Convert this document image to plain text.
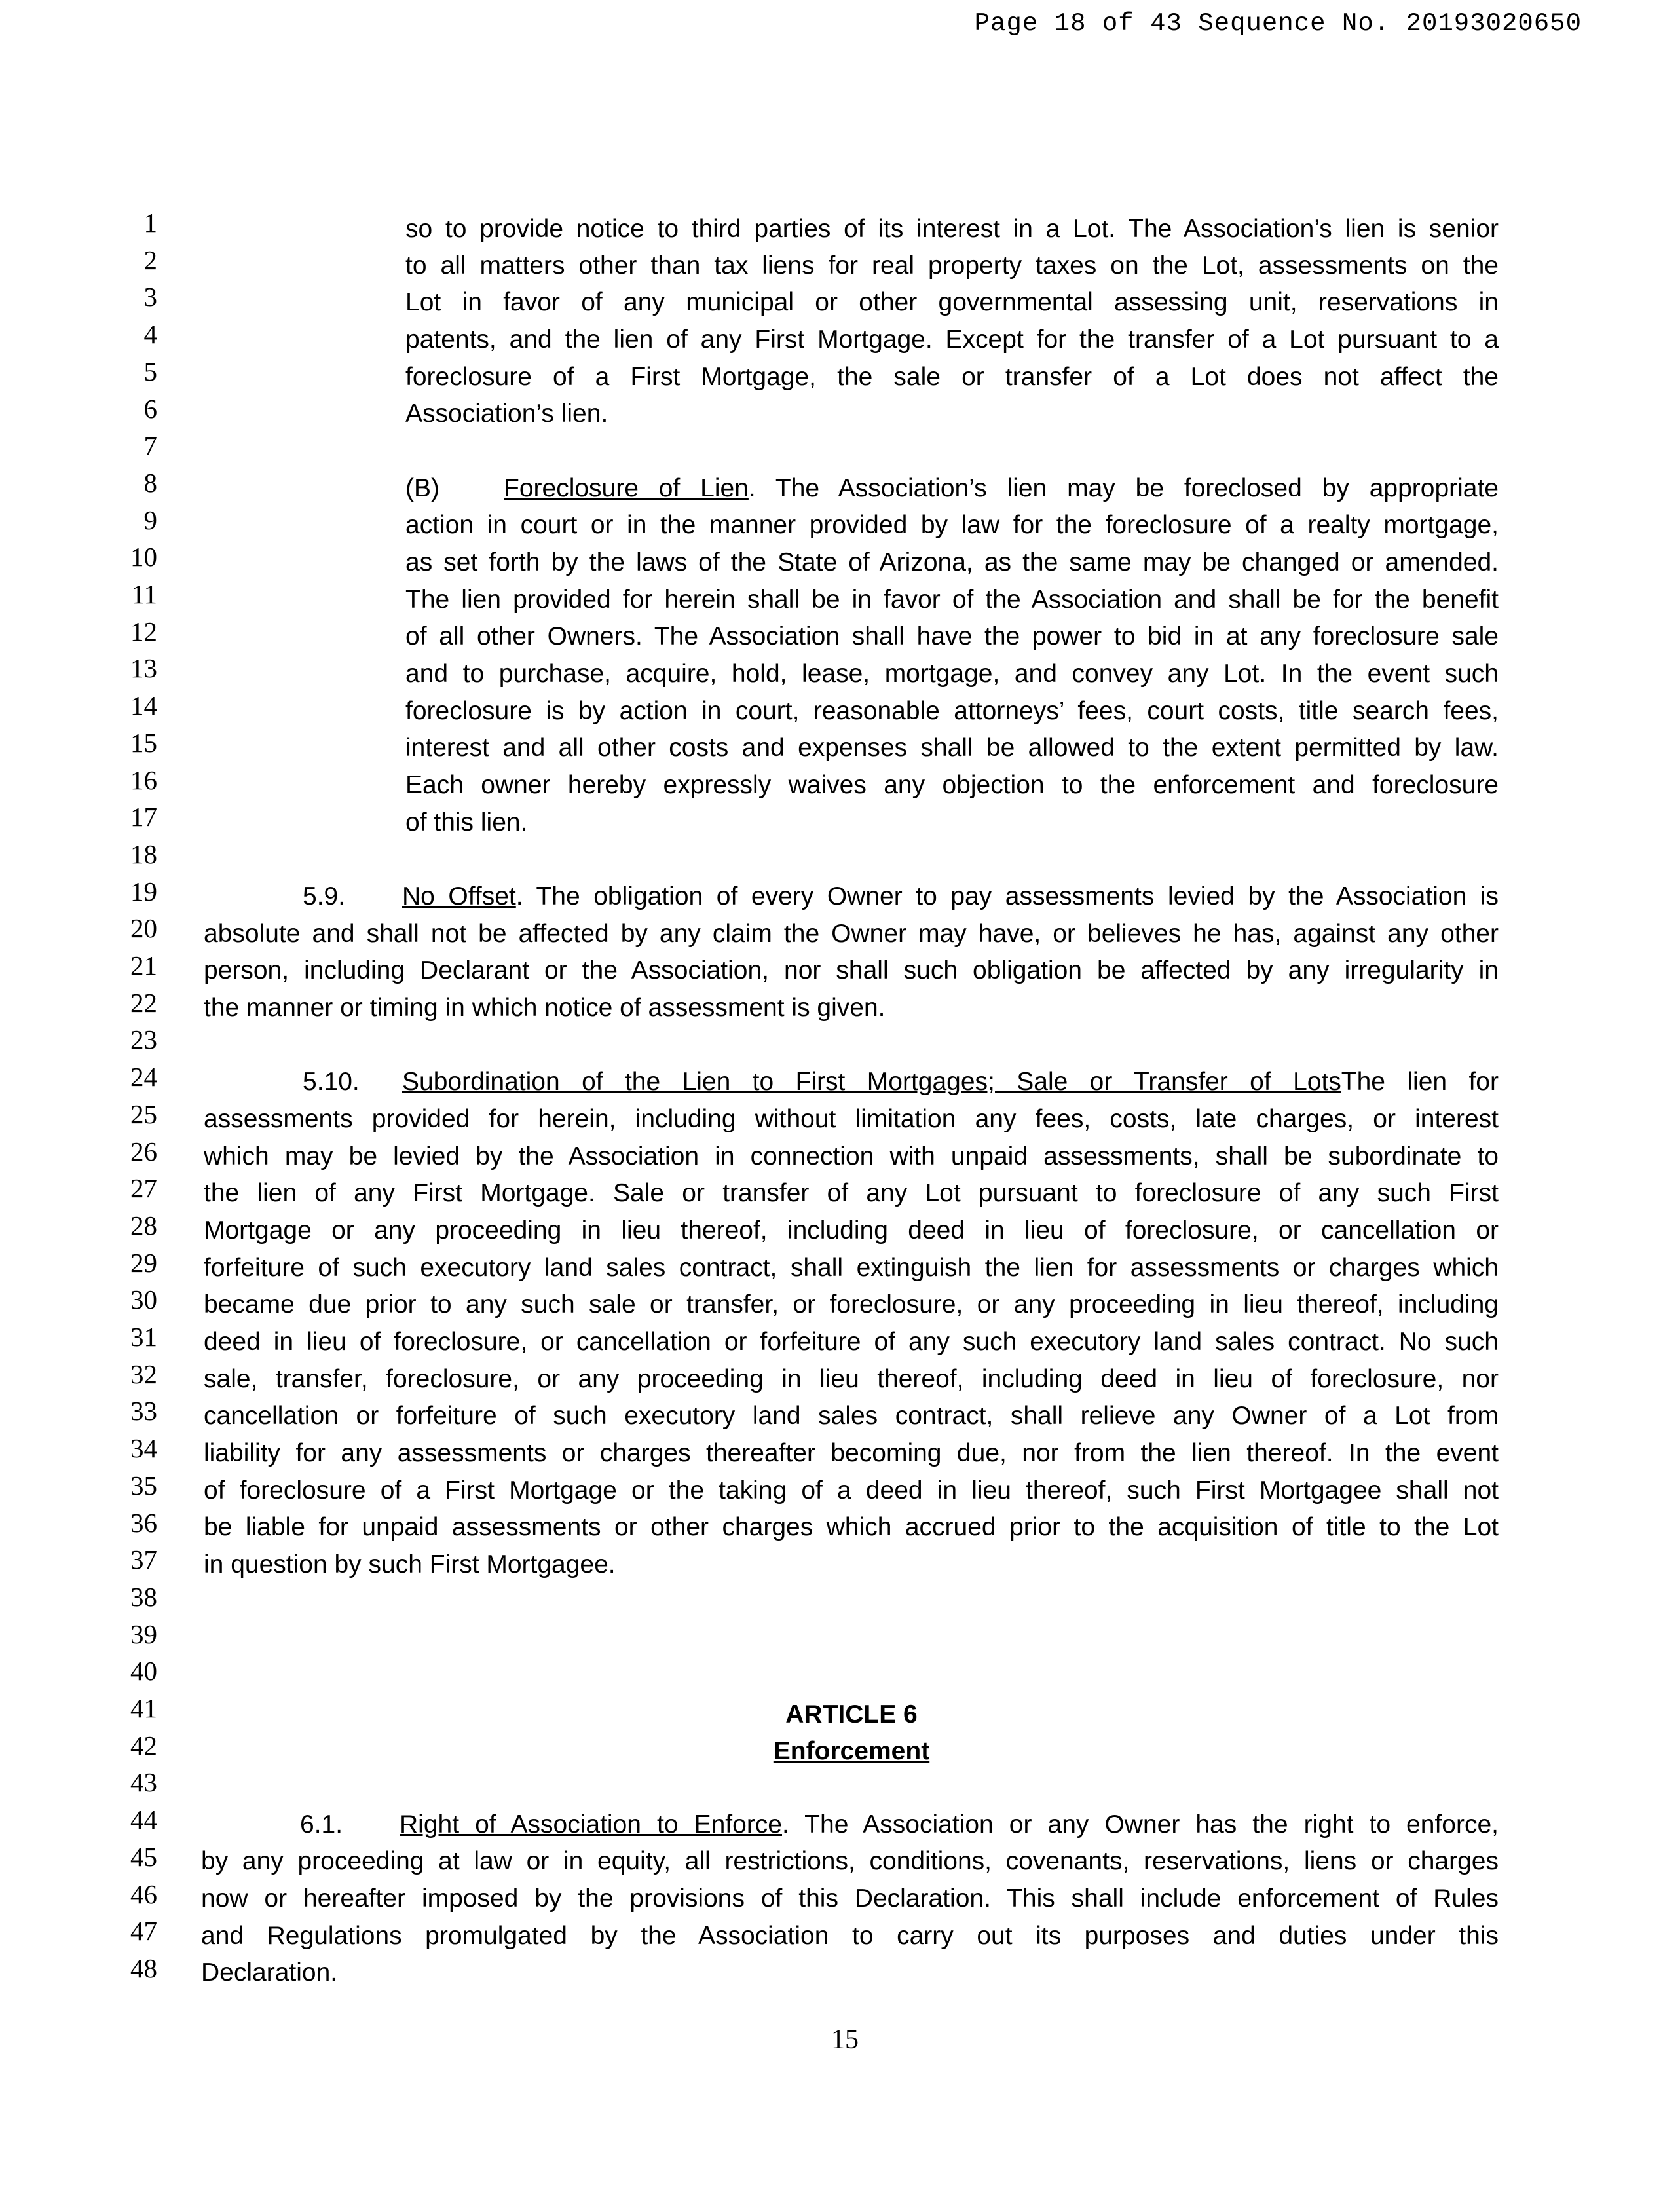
Page 18 of 43 Sequence No. 20193020650
1
2
3
4
5
6
7
8
9
10
11
12
13
14
15
16
17
18
19
20
21
22
23
24
25
26
27
28
29
30
31
32
33
34
35
36
37
38
39
40
41
42
43
44
45
46
47
48
so to provide notice to third parties of its interest in a Lot. The Association’s lien is senior
to all matters other than tax liens for real property taxes on the Lot, assessments on the
Lot in favor of any municipal or other governmental assessing unit, reservations in
patents, and the lien of any First Mortgage. Except for the transfer of a Lot pursuant to a
foreclosure of a First Mortgage, the sale or transfer of a Lot does not affect the
Association’s lien.
(B)	Foreclosure of Lien. The Association’s lien may be foreclosed by appropriate
action in court or in the manner provided by law for the foreclosure of a realty mortgage,
as set forth by the laws of the State of Arizona, as the same may be changed or amended.
The lien provided for herein shall be in favor of the Association and shall be for the benefit
of all other Owners. The Association shall have the power to bid in at any foreclosure sale
and to purchase, acquire, hold, lease, mortgage, and convey any Lot. In the event such
foreclosure is by action in court, reasonable attorneys’ fees, court costs, title search fees,
interest and all other costs and expenses shall be allowed to the extent permitted by law.
Each owner hereby expressly waives any objection to the enforcement and foreclosure
of this lien.
5.9. No Offset. The obligation of every Owner to pay assessments levied by the Association is
absolute and shall not be affected by any claim the Owner may have, or believes he has, against any other
person, including Declarant or the Association, nor shall such obligation be affected by any irregularity in
the manner or timing in which notice of assessment is given.
5.10. Subordination of the Lien to First Mortgages; Sale or Transfer of LotsThe lien for
assessments provided for herein, including without limitation any fees, costs, late charges, or interest
which may be levied by the Association in connection with unpaid assessments, shall be subordinate to
the lien of any First Mortgage. Sale or transfer of any Lot pursuant to foreclosure of any such First
Mortgage or any proceeding in lieu thereof, including deed in lieu of foreclosure, or cancellation or
forfeiture of such executory land sales contract, shall extinguish the lien for assessments or charges which
became due prior to any such sale or transfer, or foreclosure, or any proceeding in lieu thereof, including
deed in lieu of foreclosure, or cancellation or forfeiture of any such executory land sales contract. No such
sale, transfer, foreclosure, or any proceeding in lieu thereof, including deed in lieu of foreclosure, nor
cancellation or forfeiture of such executory land sales contract, shall relieve any Owner of a Lot from
liability for any assessments or charges thereafter becoming due, nor from the lien thereof. In the event
of foreclosure of a First Mortgage or the taking of a deed in lieu thereof, such First Mortgagee shall not
be liable for unpaid assessments or other charges which accrued prior to the acquisition of title to the Lot
in question by such First Mortgagee.
ARTICLE 6
Enforcement
6.1. Right of Association to Enforce. The Association or any Owner has the right to enforce,
by any proceeding at law or in equity, all restrictions, conditions, covenants, reservations, liens or charges
now or hereafter imposed by the provisions of this Declaration. This shall include enforcement of Rules
and Regulations promulgated by the Association to carry out its purposes and duties under this
Declaration.
15
